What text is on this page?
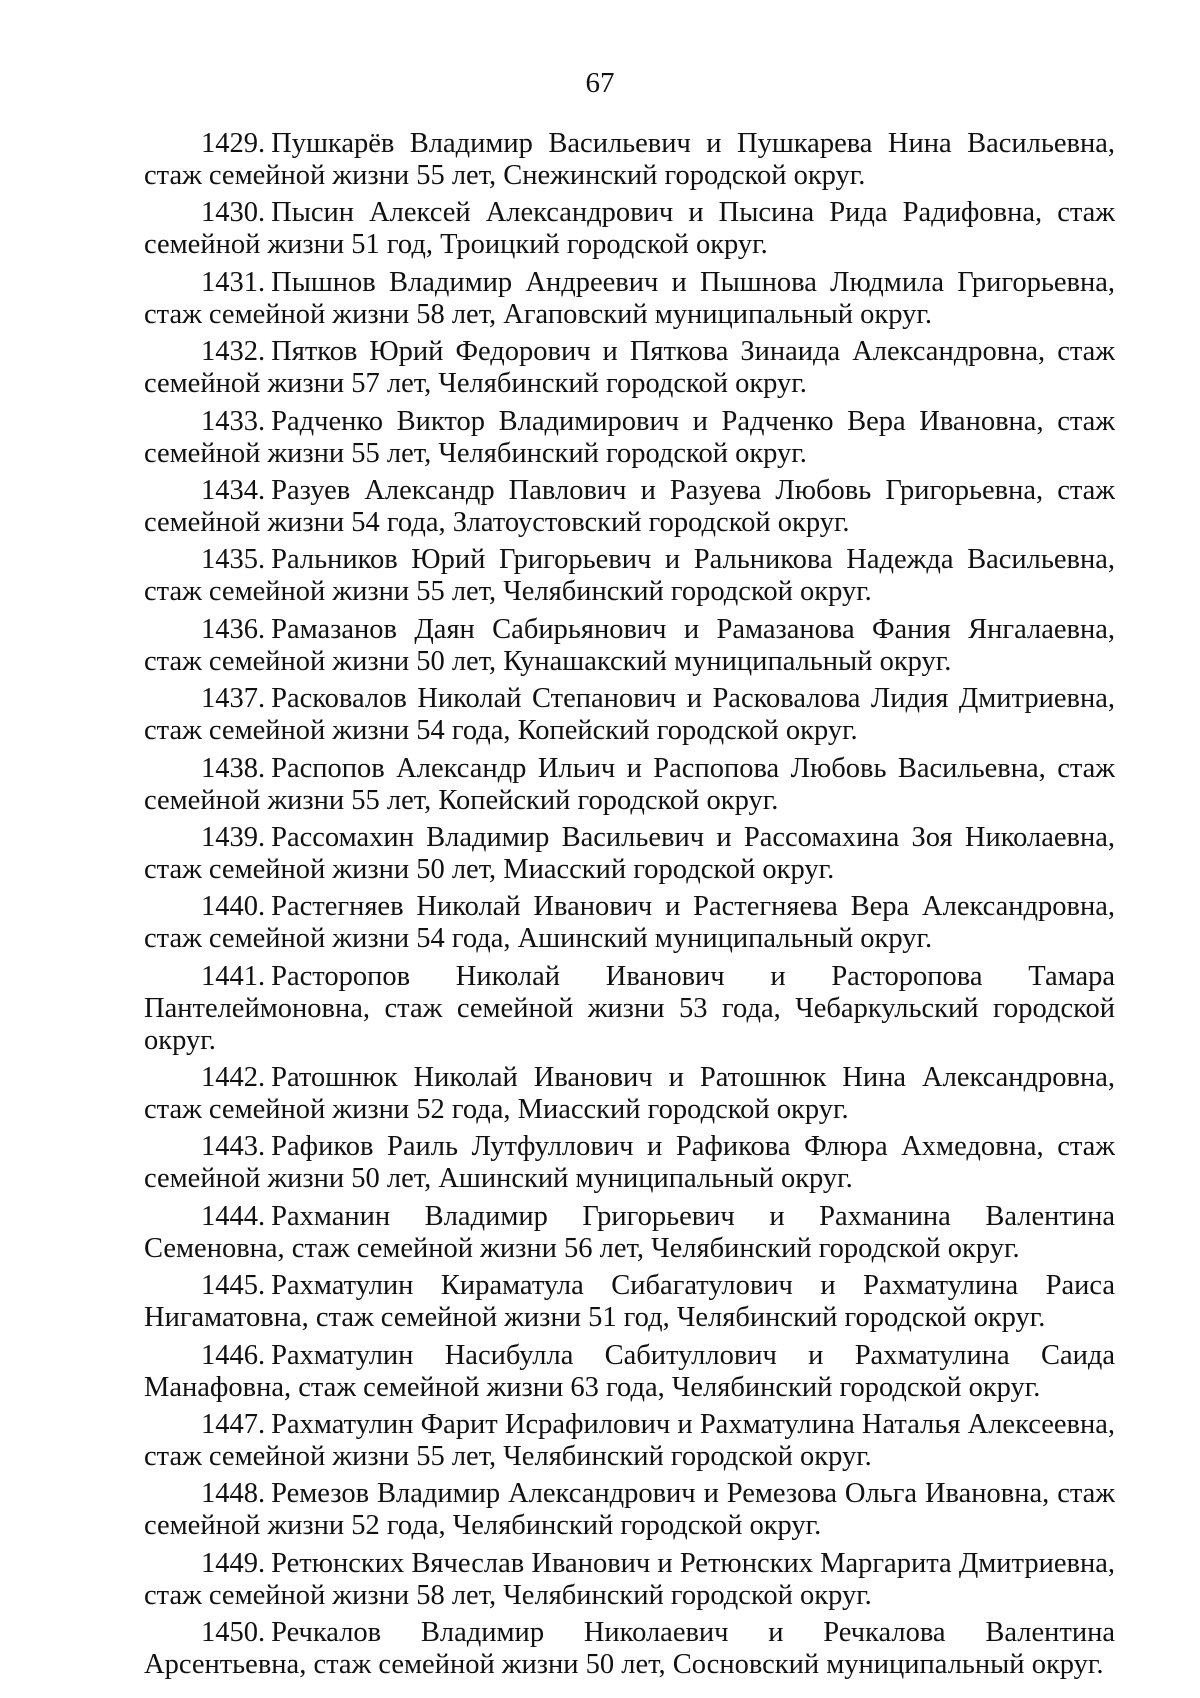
67

1429. Пушкарёв Владимир Васильевич и Пушкарева Нина Васильевна, стаж семейной жизни 55 лет, Снежинский городской округ.

1430. Пысин Алексей Александрович и Пысина Рида Радифовна, стаж семейной жизни 51 год, Троицкий городской округ.

1431. Пышнов Владимир Андреевич и Пышнова Людмила Григорьевна, стаж семейной жизни 58 лет, Агаповский муниципальный округ.

1432. Пятков Юрий Федорович и Пяткова Зинаида Александровна, стаж семейной жизни 57 лет, Челябинский городской округ.

1433. Радченко Виктор Владимирович и Радченко Вера Ивановна, стаж семейной жизни 55 лет, Челябинский городской округ.

1434. Разуев Александр Павлович и Разуева Любовь Григорьевна, стаж семейной жизни 54 года, Златоустовский городской округ.

1435. Ральников Юрий Григорьевич и Ральникова Надежда Васильевна, стаж семейной жизни 55 лет, Челябинский городской округ.

1436. Рамазанов Даян Сабирьянович и Рамазанова Фания Янгалаевна, стаж семейной жизни 50 лет, Кунашакский муниципальный округ.

1437. Расковалов Николай Степанович и Расковалова Лидия Дмитриевна, стаж семейной жизни 54 года, Копейский городской округ.

1438. Распопов Александр Ильич и Распопова Любовь Васильевна, стаж семейной жизни 55 лет, Копейский городской округ.

1439. Рассомахин Владимир Васильевич и Рассомахина Зоя Николаевна, стаж семейной жизни 50 лет, Миасский городской округ.

1440. Растегняев Николай Иванович и Растегняева Вера Александровна, стаж семейной жизни 54 года, Ашинский муниципальный округ.

1441. Расторопов Николай Иванович и Расторопова Тамара Пантелеймоновна, стаж семейной жизни 53 года, Чебаркульский городской округ.

1442. Ратошнюк Николай Иванович и Ратошнюк Нина Александровна, стаж семейной жизни 52 года, Миасский городской округ.

1443. Рафиков Раиль Лутфуллович и Рафикова Флюра Ахмедовна, стаж семейной жизни 50 лет, Ашинский муниципальный округ.

1444. Рахманин Владимир Григорьевич и Рахманина Валентина Семеновна, стаж семейной жизни 56 лет, Челябинский городской округ.

1445. Рахматулин Кираматула Сибагатулович и Рахматулина Раиса Нигаматовна, стаж семейной жизни 51 год, Челябинский городской округ.

1446. Рахматулин Насибулла Сабитуллович и Рахматулина Саида Манафовна, стаж семейной жизни 63 года, Челябинский городской округ.

1447. Рахматулин Фарит Исрафилович и Рахматулина Наталья Алексеевна, стаж семейной жизни 55 лет, Челябинский городской округ.

1448. Ремезов Владимир Александрович и Ремезова Ольга Ивановна, стаж семейной жизни 52 года, Челябинский городской округ.

1449. Ретюнских Вячеслав Иванович и Ретюнских Маргарита Дмитриевна, стаж семейной жизни 58 лет, Челябинский городской округ.

1450. Речкалов Владимир Николаевич и Речкалова Валентина Арсентьевна, стаж семейной жизни 50 лет, Сосновский муниципальный округ.
